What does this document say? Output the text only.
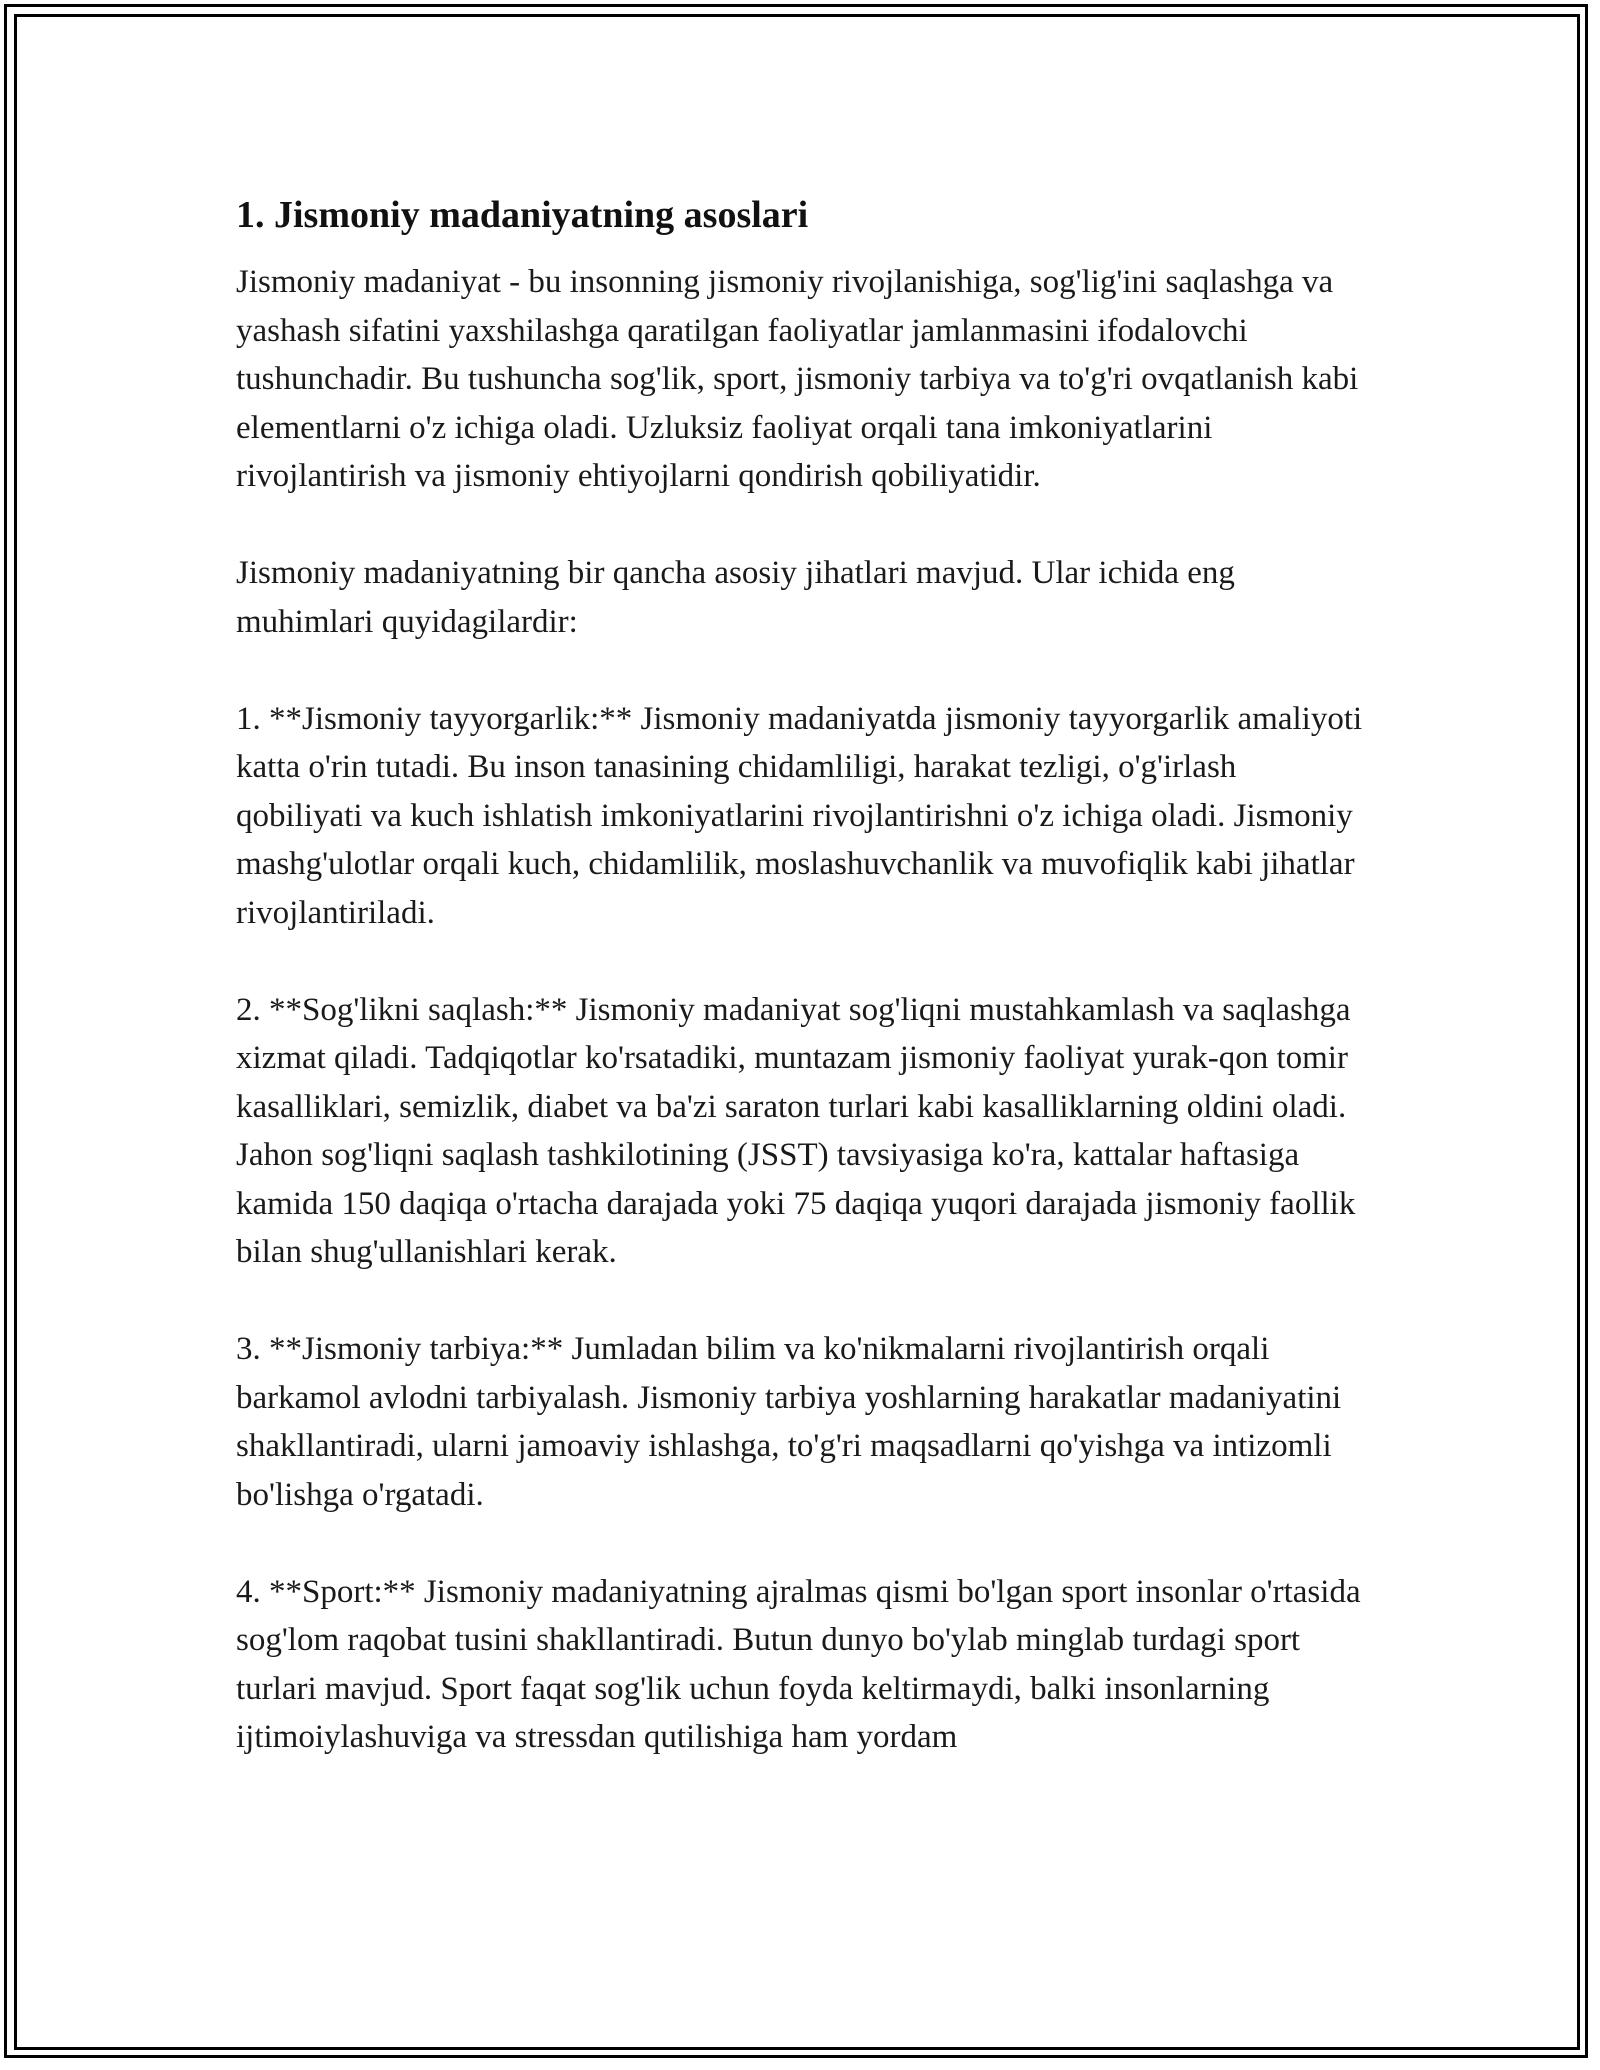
1. Jismoniy madaniyatning asoslari

Jismoniy madaniyat - bu insonning jismoniy rivojlanishiga, sog'lig'ini saqlashga va yashash sifatini yaxshilashga qaratilgan faoliyatlar jamlanmasini ifodalovchi tushunchadir. Bu tushuncha sog'lik, sport, jismoniy tarbiya va to'g'ri ovqatlanish kabi elementlarni o'z ichiga oladi. Uzluksiz faoliyat orqali tana imkoniyatlarini rivojlantirish va jismoniy ehtiyojlarni qondirish qobiliyatidir.

Jismoniy madaniyatning bir qancha asosiy jihatlari mavjud. Ular ichida eng muhimlari quyidagilardir:

1. **Jismoniy tayyorgarlik:** Jismoniy madaniyatda jismoniy tayyorgarlik amaliyoti katta o'rin tutadi. Bu inson tanasining chidamliligi, harakat tezligi, o'g'irlash qobiliyati va kuch ishlatish imkoniyatlarini rivojlantirishni o'z ichiga oladi. Jismoniy mashg'ulotlar orqali kuch, chidamlilik, moslashuvchanlik va muvofiqlik kabi jihatlar rivojlantiriladi.

2. **Sog'likni saqlash:** Jismoniy madaniyat sog'liqni mustahkamlash va saqlashga xizmat qiladi. Tadqiqotlar ko'rsatadiki, muntazam jismoniy faoliyat yurak-qon tomir kasalliklari, semizlik, diabet va ba'zi saraton turlari kabi kasalliklarning oldini oladi. Jahon sog'liqni saqlash tashkilotining (JSST) tavsiyasiga ko'ra, kattalar haftasiga kamida 150 daqiqa o'rtacha darajada yoki 75 daqiqa yuqori darajada jismoniy faollik bilan shug'ullanishlari kerak.

3. **Jismoniy tarbiya:** Jumladan bilim va ko'nikmalarni rivojlantirish orqali barkamol avlodni tarbiyalash. Jismoniy tarbiya yoshlarning harakatlar madaniyatini shakllantiradi, ularni jamoaviy ishlashga, to'g'ri maqsadlarni qo'yishga va intizomli bo'lishga o'rgatadi.

4. **Sport:** Jismoniy madaniyatning ajralmas qismi bo'lgan sport insonlar o'rtasida sog'lom raqobat tusini shakllantiradi. Butun dunyo bo'ylab minglab turdagi sport turlari mavjud. Sport faqat sog'lik uchun foyda keltirmaydi, balki insonlarning ijtimoiylashuviga va stressdan qutilishiga ham yordam
